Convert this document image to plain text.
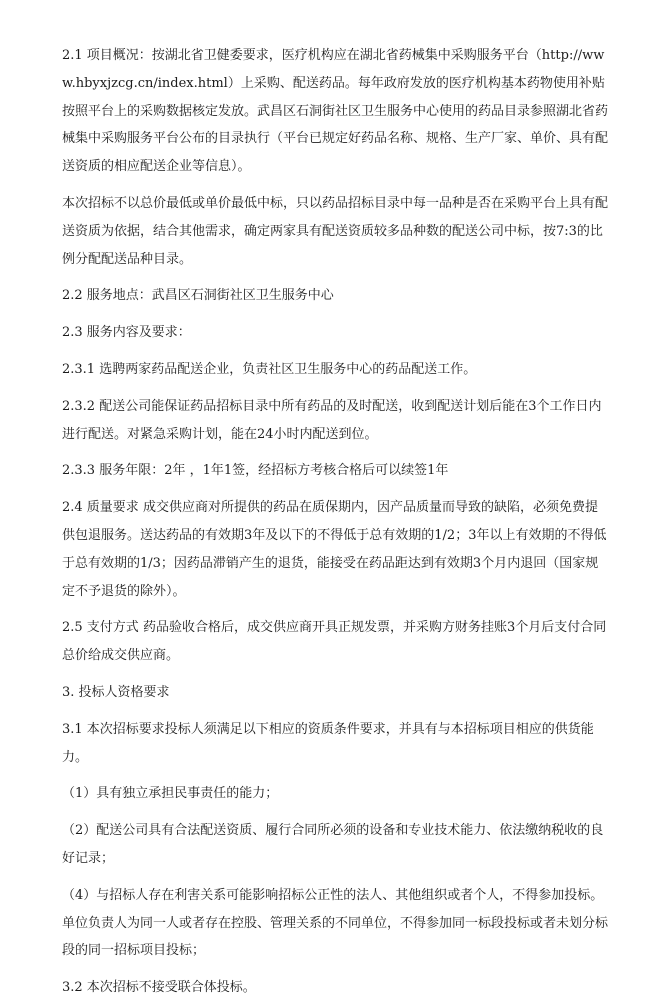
2.1 项目概况：按湖北省卫健委要求，医疗机构应在湖北省药械集中采购服务平台（http://www.hbyxjzcg.cn/index.html）上采购、配送药品。每年政府发放的医疗机构基本药物使用补贴按照平台上的采购数据核定发放。武昌区石洞街社区卫生服务中心使用的药品目录参照湖北省药械集中采购服务平台公布的目录执行（平台已规定好药品名称、规格、生产厂家、单价、具有配送资质的相应配送企业等信息）。

本次招标不以总价最低或单价最低中标，只以药品招标目录中每一品种是否在采购平台上具有配送资质为依据，结合其他需求，确定两家具有配送资质较多品种数的配送公司中标，按7:3的比例分配配送品种目录。

2.2 服务地点：武昌区石洞街社区卫生服务中心

2.3 服务内容及要求：

2.3.1 选聘两家药品配送企业，负责社区卫生服务中心的药品配送工作。

2.3.2 配送公司能保证药品招标目录中所有药品的及时配送，收到配送计划后能在3个工作日内进行配送。对紧急采购计划，能在24小时内配送到位。

2.3.3 服务年限：2年 ，1年1签，经招标方考核合格后可以续签1年

2.4 质量要求 成交供应商对所提供的药品在质保期内，因产品质量而导致的缺陷，必须免费提供包退服务。送达药品的有效期3年及以下的不得低于总有效期的1/2；3年以上有效期的不得低于总有效期的1/3；因药品滞销产生的退货，能接受在药品距达到有效期3个月内退回（国家规定不予退货的除外）。

2.5 支付方式 药品验收合格后，成交供应商开具正规发票，并采购方财务挂账3个月后支付合同总价给成交供应商。

3. 投标人资格要求

3.1 本次招标要求投标人须满足以下相应的资质条件要求，并具有与本招标项目相应的供货能力。

（1）具有独立承担民事责任的能力；

（2）配送公司具有合法配送资质、履行合同所必须的设备和专业技术能力、依法缴纳税收的良好记录；

（4）与招标人存在利害关系可能影响招标公正性的法人、其他组织或者个人，不得参加投标。单位负责人为同一人或者存在控股、管理关系的不同单位，不得参加同一标段投标或者未划分标段的同一招标项目投标；

3.2 本次招标不接受联合体投标。
